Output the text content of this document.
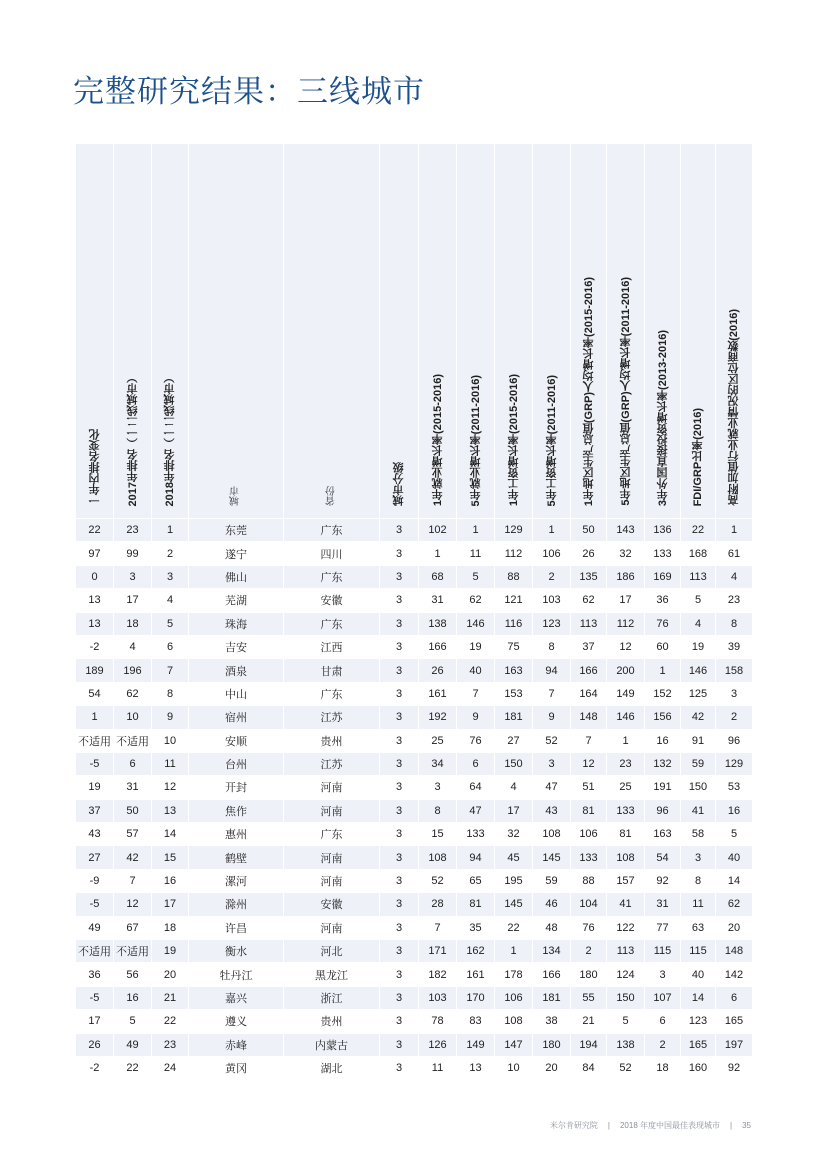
完整研究结果：三线城市
一年内排名变化	2017年排名（一二线城市）	2018年排名（一二线城市）	城市	省份	城市分级	1年就业增长率(2015-2016)	5年就业增长率(2011-2016)	1年工资增长率(2015-2016)	5年工资增长率(2011-2016)	1年地区生产总值(GRP)人均增长率(2015-2016)	5年地区生产总值(GRP)人均增长率(2011-2016)	3年外国直接投资增长率(2013-2016)	FDI/GRP比率(2016)	高附加值行业就业情况的区位商数(2016)

22	23	1	东莞	广东	3	102	1	129	1	50	143	136	22	1
97	99	2	遂宁	四川	3	1	11	112	106	26	32	133	168	61
0	3	3	佛山	广东	3	68	5	88	2	135	186	169	113	4
13	17	4	芜湖	安徽	3	31	62	121	103	62	17	36	5	23
13	18	5	珠海	广东	3	138	146	116	123	113	112	76	4	8
-2	4	6	吉安	江西	3	166	19	75	8	37	12	60	19	39
189	196	7	酒泉	甘肃	3	26	40	163	94	166	200	1	146	158
54	62	8	中山	广东	3	161	7	153	7	164	149	152	125	3
1	10	9	宿州	江苏	3	192	9	181	9	148	146	156	42	2
不适用	不适用	10	安顺	贵州	3	25	76	27	52	7	1	16	91	96
-5	6	11	台州	江苏	3	34	6	150	3	12	23	132	59	129
19	31	12	开封	河南	3	3	64	4	47	51	25	191	150	53
37	50	13	焦作	河南	3	8	47	17	43	81	133	96	41	16
43	57	14	惠州	广东	3	15	133	32	108	106	81	163	58	5
27	42	15	鹤壁	河南	3	108	94	45	145	133	108	54	3	40
-9	7	16	漯河	河南	3	52	65	195	59	88	157	92	8	14
-5	12	17	滁州	安徽	3	28	81	145	46	104	41	31	11	62
49	67	18	许昌	河南	3	7	35	22	48	76	122	77	63	20
不适用	不适用	19	衡水	河北	3	171	162	1	134	2	113	115	115	148
36	56	20	牡丹江	黑龙江	3	182	161	178	166	180	124	3	40	142
-5	16	21	嘉兴	浙江	3	103	170	106	181	55	150	107	14	6
17	5	22	遵义	贵州	3	78	83	108	38	21	5	6	123	165
26	49	23	赤峰	内蒙古	3	126	149	147	180	194	138	2	165	197
-2	22	24	黄冈	湖北	3	11	13	10	20	84	52	18	160	92
米尔肯研究院 | 2018 年度中国最佳表现城市 | 35
